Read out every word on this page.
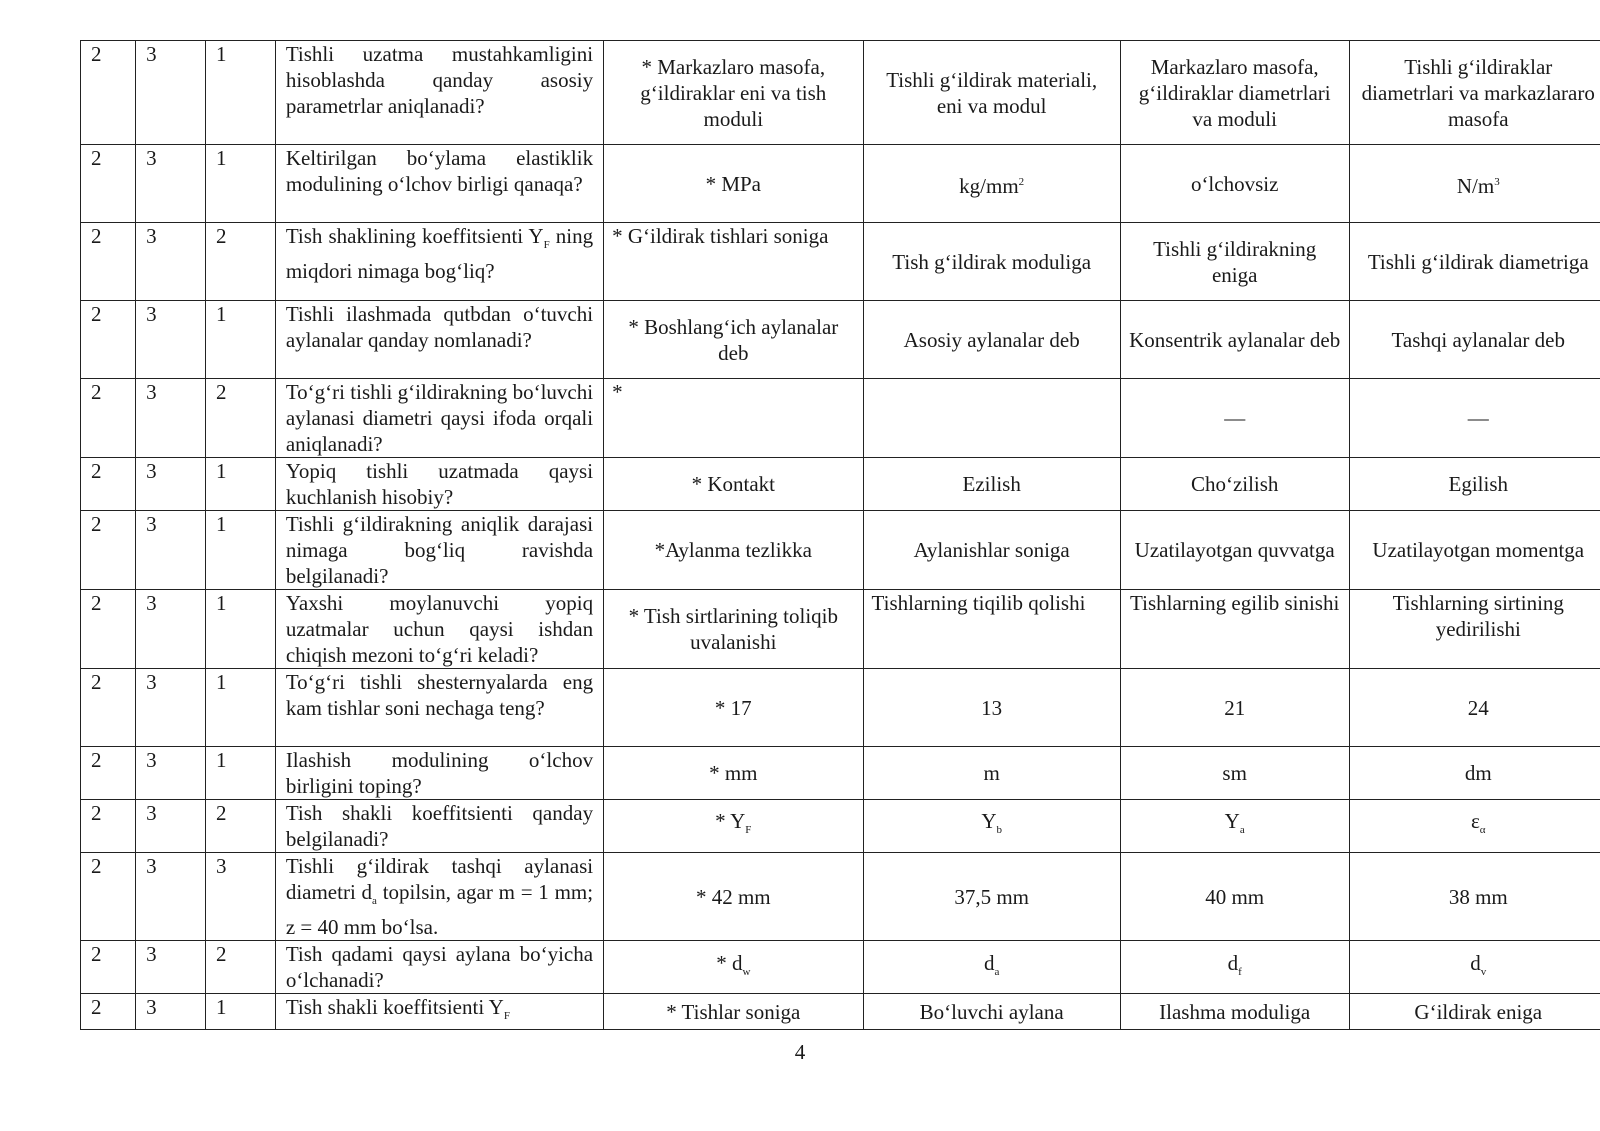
2	3	1	Tishli uzatma mustahkamligini hisoblashda qanday asosiy parametrlar aniqlanadi?	* Markazlaro masofa, g‘ildiraklar eni va tish moduli	Tishli g‘ildirak materiali, eni va modul	Markazlaro masofa, g‘ildiraklar diametrlari va moduli	Tishli g‘ildiraklar diametrlari va markazlararo masofa
2	3	1	Keltirilgan bo‘ylama elastiklik modulining o‘lchov birligi qanaqa?	* MPa	$kg/mm^2$	o‘lchovsiz	$N/m^3$
2	3	2	Tish shaklining koeffitsienti $Y_F$ ning miqdori nimaga bog‘liq?	* G‘ildirak tishlari soniga	Tish g‘ildirak moduliga	Tishli g‘ildirakning eniga	Tishli g‘ildirak diametriga
2	3	1	Tishli ilashmada qutbdan o‘tuvchi aylanalar qanday nomlanadi?	* Boshlang‘ich aylanalar deb	Asosiy aylanalar deb	Konsentrik aylanalar deb	Tashqi aylanalar deb
2	3	2	To‘g‘ri tishli g‘ildirakning bo‘luvchi aylanasi diametri qaysi ifoda orqali aniqlanadi?	*		—	—
2	3	1	Yopiq tishli uzatmada qaysi kuchlanish hisobiy?	* Kontakt	Ezilish	Cho‘zilish	Egilish
2	3	1	Tishli g‘ildirakning aniqlik darajasi nimaga bog‘liq ravishda belgilanadi?	*Aylanma tezlikka	Aylanishlar soniga	Uzatilayotgan quvvatga	Uzatilayotgan momentga
2	3	1	Yaxshi moylanuvchi yopiq uzatmalar uchun qaysi ishdan chiqish mezoni to‘g‘ri keladi?	* Tish sirtlarining toliqib uvalanishi	Tishlarning tiqilib qolishi	Tishlarning egilib sinishi	Tishlarning sirtining yedirilishi
2	3	1	To‘g‘ri tishli shesternyalarda eng kam tishlar soni nechaga teng?	* 17	13	21	24
2	3	1	Ilashish modulining o‘lchov birligini toping?	* mm	m	sm	dm
2	3	2	Tish shakli koeffitsienti qanday belgilanadi?	* $Y_F$	$Y_b$	$Y_a$	$\varepsilon_\alpha$
2	3	3	Tishli g‘ildirak tashqi aylanasi diametri $d_a$ topilsin, agar m = 1 mm; z = 40 mm bo‘lsa.	* 42 mm	37,5 mm	40 mm	38 mm
2	3	2	Tish qadami qaysi aylana bo‘yicha o‘lchanadi?	* $d_w$	$d_a$	$d_f$	$d_v$
2	3	1	Tish shakli koeffitsienti $Y_F$	* Tishlar soniga	Bo‘luvchi aylana	Ilashma moduliga	G‘ildirak eniga
4
